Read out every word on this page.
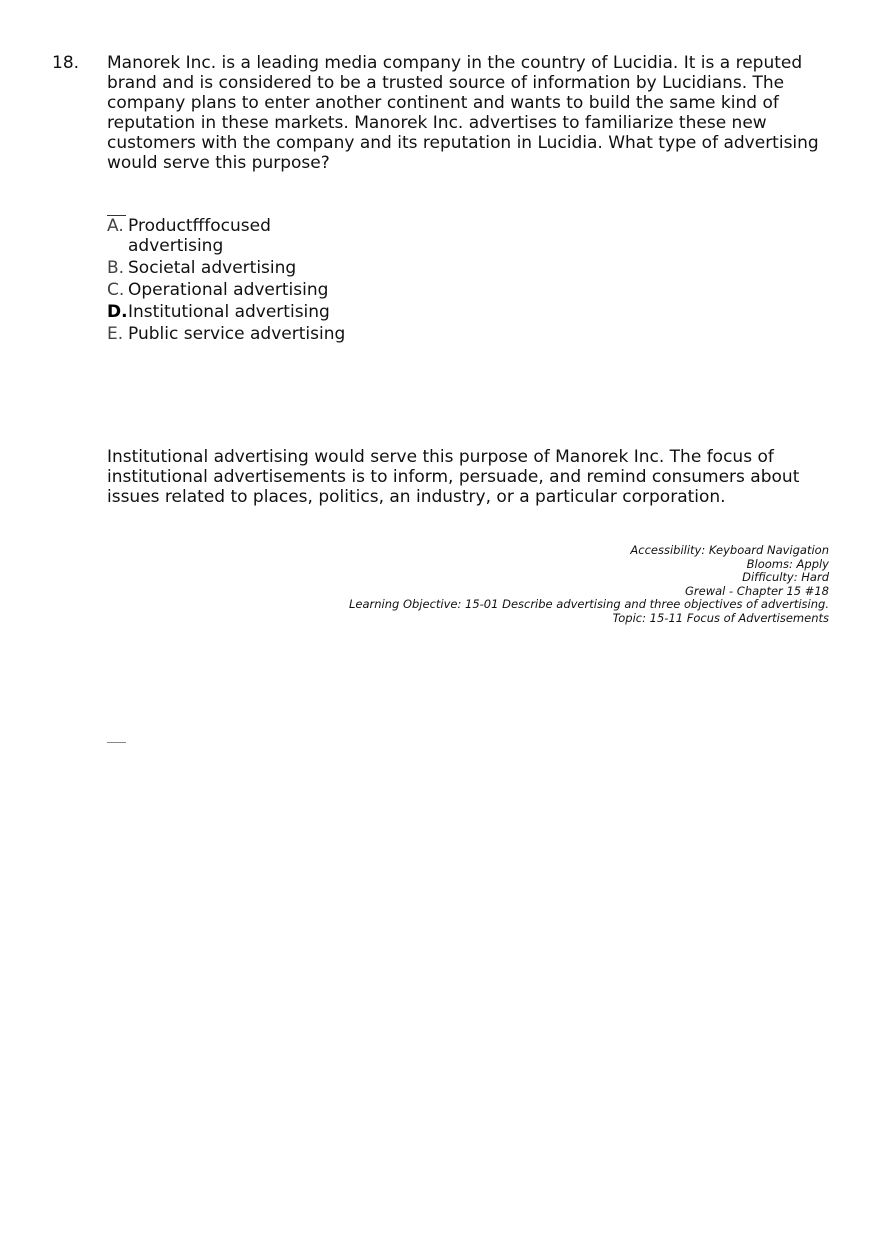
18. Manorek Inc. is a leading media company in the country of Lucidia. It is a reputed brand and is considered to be a trusted source of information by Lucidians. The company plans to enter another continent and wants to build the same kind of reputation in these markets. Manorek Inc. advertises to familiarize these new customers with the company and its reputation in Lucidia. What type of advertising would serve this purpose?

A. Productfffocused advertising
B. Societal advertising
C. Operational advertising
D. Institutional advertising
E. Public service advertising

Institutional advertising would serve this purpose of Manorek Inc. The focus of institutional advertisements is to inform, persuade, and remind consumers about issues related to places, politics, an industry, or a particular corporation.

Accessibility: Keyboard Navigation
Blooms: Apply
Difﬁculty: Hard
Grewal - Chapter 15 #18
Learning Objective: 15-01 Describe advertising and three objectives of advertising.
Topic: 15-11 Focus of Advertisements
